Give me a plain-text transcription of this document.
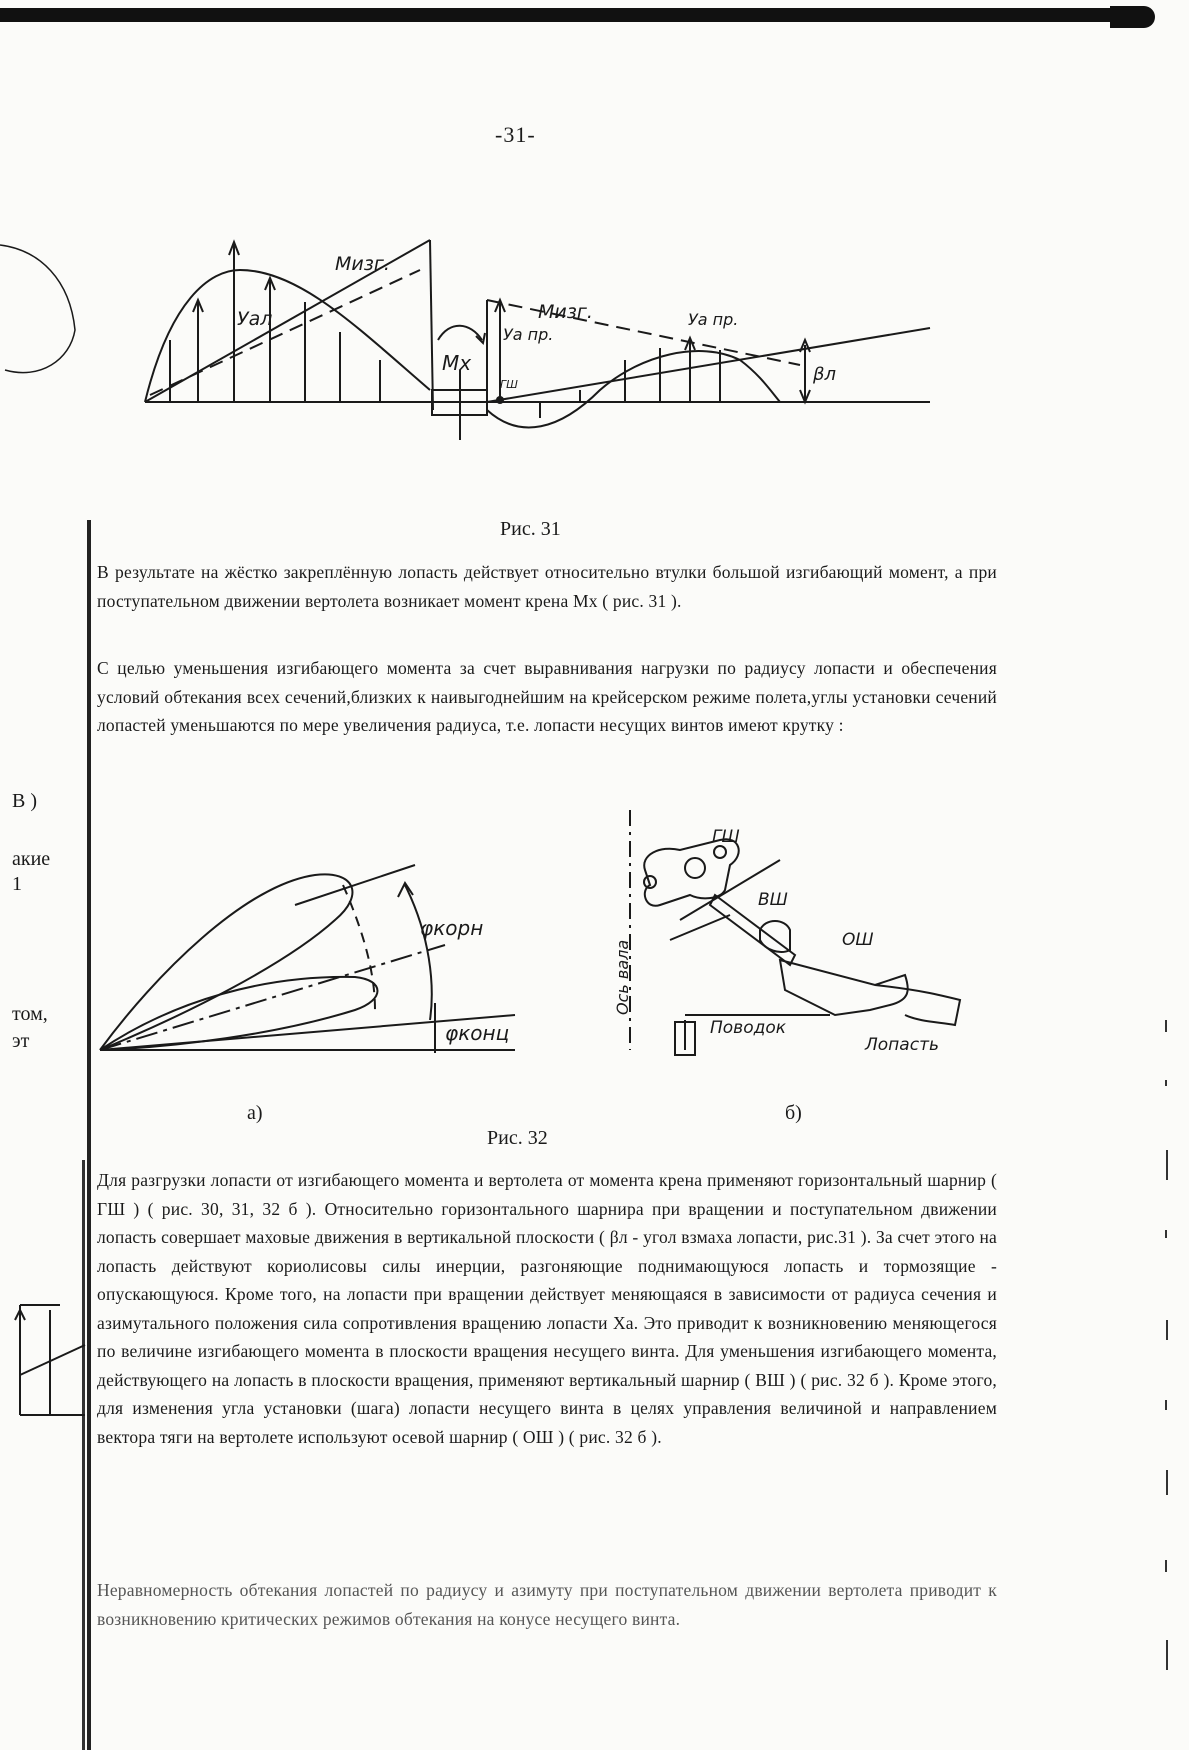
-31-
Мизг.
Уaл
Мх
Уa пр.
Мизг.
ГШ
Уa пр.
βл
Рис. 31

В результате на жёстко закреплённую лопасть действует относительно втулки большой изгибающий момент, а при поступательном движении вертолета возникает момент крена Мх ( рис. 31 ).

С целью уменьшения изгибающего момента за счет выравнивания нагрузки по радиусу лопасти и обеспечения условий обтекания всех сечений,близких к наивыгоднейшим на крейсерском режиме полета,углы установки сечений лопастей уменьшаются по мере увеличения радиуса, т.е. лопасти несущих винтов имеют крутку :

φкорн
φконц
ГШ
ВШ
ОШ
Ось вала
Поводок
Лопасть
а)	б)
Рис. 32

Для разгрузки лопасти от изгибающего момента и вертолета от момента крена применяют горизонтальный шарнир ( ГШ ) ( рис. 30, 31, 32 б ). Относительно горизонтального шарнира при вращении и поступательном движении лопасть совершает маховые движения в вертикальной плоскости ( βл - угол взмаха лопасти, рис.31 ). За счет этого на лопасть действуют кориолисовы силы инерции, разгоняющие поднимающуюся лопасть и тормозящие - опускающуюся. Кроме того, на лопасти при вращении действует меняющаяся в зависимости от радиуса сечения и азимутального положения сила сопротивления вращению лопасти Ха. Это приводит к возникновению меняющегося по величине изгибающего момента в плоскости вращения несущего винта. Для уменьшения изгибающего момента, действующего на лопасть в плоскости вращения, применяют вертикальный шарнир ( ВШ ) ( рис. 32 б ). Кроме этого, для изменения угла установки (шага) лопасти несущего винта в целях управления величиной и направлением вектора тяги на вертолете используют осевой шарнир ( ОШ ) ( рис. 32 б ).

Неравномерность обтекания лопастей по радиусу и азимуту при поступательном движении вертолета приводит к возникновению критических режимов обтекания на конусе несущего винта.

В )
акие
1
том,
эт
